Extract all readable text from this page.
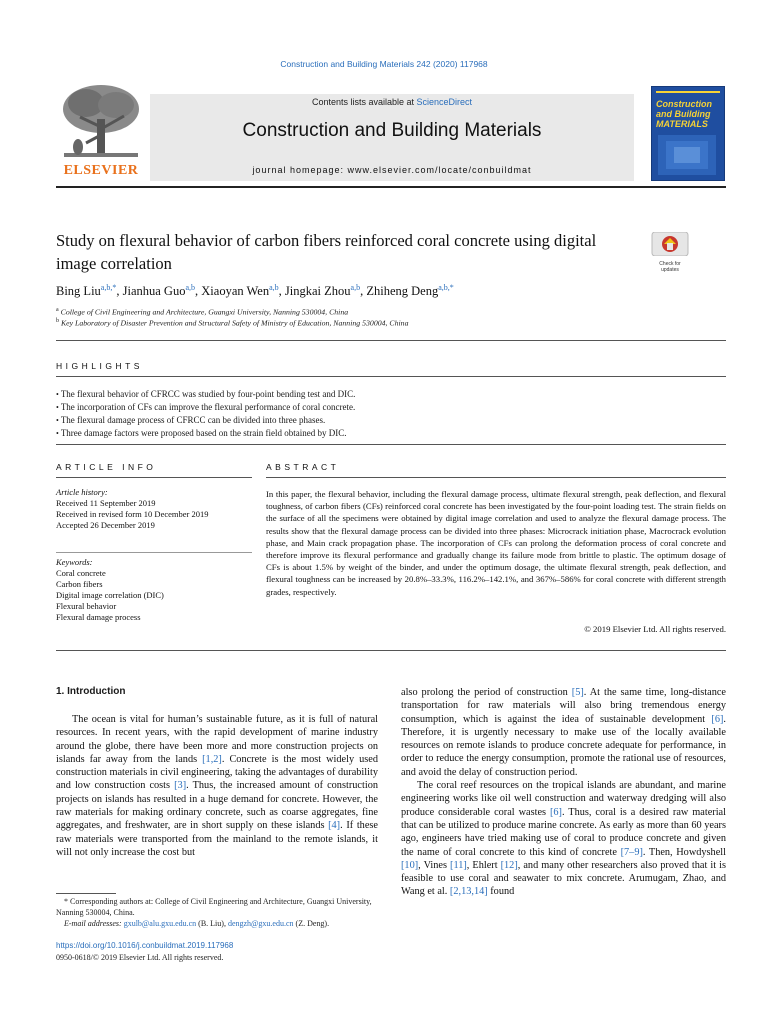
Construction and Building Materials 242 (2020) 117968
ELSEVIER
Contents lists available at ScienceDirect
Construction and Building Materials
journal homepage: www.elsevier.com/locate/conbuildmat
Construction and Building MATERIALS
Study on flexural behavior of carbon fibers reinforced coral concrete using digital image correlation	Check for updates
Bing Liu$^{a,b,*}$, Jianhua Guo$^{a,b}$, Xiaoyan Wen$^{a,b}$, Jingkai Zhou$^{a,b}$, Zhiheng Deng$^{a,b,*}$
$^a$ College of Civil Engineering and Architecture, Guangxi University, Nanning 530004, China
$^b$ Key Laboratory of Disaster Prevention and Structural Safety of Ministry of Education, Nanning 530004, China
HIGHLIGHTS
• The flexural behavior of CFRCC was studied by four-point bending test and DIC.
• The incorporation of CFs can improve the flexural performance of coral concrete.
• The flexural damage process of CFRCC can be divided into three phases.
• Three damage factors were proposed based on the strain field obtained by DIC.
ARTICLE INFO	ABSTRACT
Article history:
Received 11 September 2019
Received in revised form 10 December 2019
Accepted 26 December 2019
Keywords:
Coral concrete
Carbon fibers
Digital image correlation (DIC)
Flexural behavior
Flexural damage process
In this paper, the flexural behavior, including the flexural damage process, ultimate flexural strength, peak deflection, and flexural toughness, of carbon fibers (CFs) reinforced coral concrete has been investigated by the four-point loading test. The strain fields on the surface of all the specimens were obtained by digital image correlation and used to analyze the flexural damage process. The results show that the flexural damage process can be divided into three phases: Microcrack initiation phase, Macrocrack evolution phase, and Main crack propagation phase. The incorporation of CFs can prolong the deformation process of coral concrete and therefore improve its flexural performance and gradually change its failure mode from brittle to plastic. The optimum dosage of CFs is about 1.5% by weight of the binder, and under the optimum dosage, the ultimate flexural strength, peak deflection, and flexural toughness can be increased by 20.8%–33.3%, 116.2%–142.1%, and 367%–586% for coral concrete with different strength grades, respectively.
© 2019 Elsevier Ltd. All rights reserved.
1. Introduction

The ocean is vital for human’s sustainable future, as it is full of natural resources. In recent years, with the rapid development of marine industry around the globe, there have been more and more construction projects on islands far away from the lands [1,2]. Concrete is the most widely used construction materials in civil engineering, taking the advantages of durability and low construction costs [3]. Thus, the increased amount of construction projects on islands has resulted in a huge demand for concrete. However, the raw materials for making ordinary concrete, such as coarse aggregates, fine aggregates, and freshwater, are in short supply on these islands [4]. If these raw materials were transported from the mainland to the remote islands, it will not only increase the cost but

also prolong the period of construction [5]. At the same time, long-distance transportation for raw materials will also bring tremendous energy consumption, which is against the idea of sustainable development [6]. Therefore, it is urgently necessary to make use of the locally available resources on remote islands to produce concrete adequate for performance, in order to reduce the energy consumption, promote the rational use of resources, and avoid the delay of construction period.

The coral reef resources on the tropical islands are abundant, and marine engineering works like oil well construction and waterway dredging will also produce considerable coral wastes [6]. Thus, coral is a desired raw material that can be utilized to produce marine concrete. As early as more than 60 years ago, engineers have tried making use of coral to produce concrete and given the name of coral concrete to this kind of concrete [7–9]. Then, Howdyshell [10], Vines [11], Ehlert [12], and many other researchers also proved that it is feasible to use coral and seawater to mix concrete. Arumugam, Zhao, and Wang et al. [2,13,14] found

* Corresponding authors at: College of Civil Engineering and Architecture, Guangxi University, Nanning 530004, China.

E-mail addresses: gxulb@alu.gxu.edu.cn (B. Liu), dengzh@gxu.edu.cn (Z. Deng).

https://doi.org/10.1016/j.conbuildmat.2019.117968
0950-0618/© 2019 Elsevier Ltd. All rights reserved.
